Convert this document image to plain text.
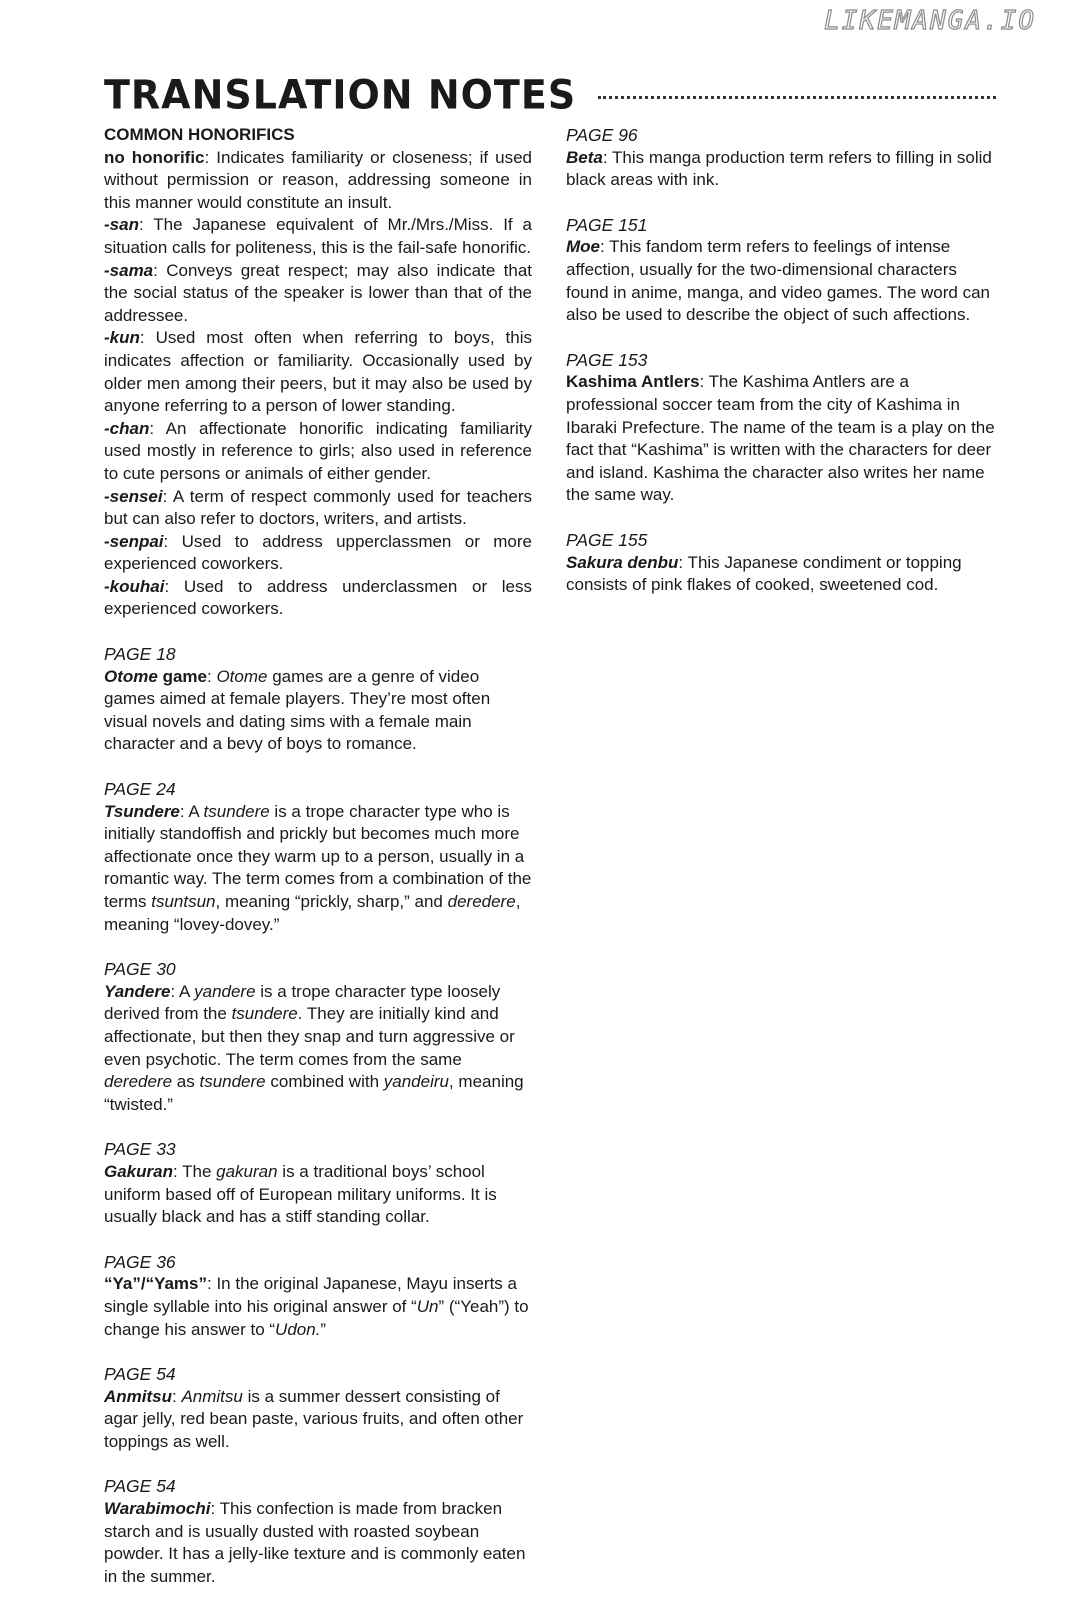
LIKEMANGA.IO
TRANSLATION NOTES

COMMON HONORIFICS

no honorific: Indicates familiarity or closeness; if used without permission or reason, addressing someone in this manner would constitute an insult.

-san: The Japanese equivalent of Mr./Mrs./Miss. If a situation calls for politeness, this is the fail-safe honorific.

-sama: Conveys great respect; may also indicate that the social status of the speaker is lower than that of the addressee.

-kun: Used most often when referring to boys, this indicates affection or familiarity. Occasionally used by older men among their peers, but it may also be used by anyone referring to a person of lower standing.

-chan: An affectionate honorific indicating familiarity used mostly in reference to girls; also used in reference to cute persons or animals of either gender.

-sensei: A term of respect commonly used for teachers but can also refer to doctors, writers, and artists.

-senpai: Used to address upperclassmen or more experienced coworkers.

-kouhai: Used to address underclassmen or less experienced coworkers.

PAGE 18

Otome game: Otome games are a genre of video games aimed at female players. They’re most often visual novels and dating sims with a female main character and a bevy of boys to romance.

PAGE 24

Tsundere: A tsundere is a trope character type who is initially standoffish and prickly but becomes much more affectionate once they warm up to a person, usually in a romantic way. The term comes from a combination of the terms tsuntsun, meaning “prickly, sharp,” and deredere, meaning “lovey-dovey.”

PAGE 30

Yandere: A yandere is a trope character type loosely derived from the tsundere. They are initially kind and affectionate, but then they snap and turn aggressive or even psychotic. The term comes from the same deredere as tsundere combined with yandeiru, meaning “twisted.”

PAGE 33

Gakuran: The gakuran is a traditional boys’ school uniform based off of European military uniforms. It is usually black and has a stiff standing collar.

PAGE 36

“Ya”/“Yams”: In the original Japanese, Mayu inserts a single syllable into his original answer of “Un” (“Yeah”) to change his answer to “Udon.”

PAGE 54

Anmitsu: Anmitsu is a summer dessert consisting of agar jelly, red bean paste, various fruits, and often other toppings as well.

PAGE 54

Warabimochi: This confection is made from bracken starch and is usually dusted with roasted soybean powder. It has a jelly-like texture and is commonly eaten in the summer.

PAGE 96

Beta: This manga production term refers to filling in solid black areas with ink.

PAGE 151

Moe: This fandom term refers to feelings of intense affection, usually for the two-dimensional characters found in anime, manga, and video games. The word can also be used to describe the object of such affections.

PAGE 153

Kashima Antlers: The Kashima Antlers are a professional soccer team from the city of Kashima in Ibaraki Prefecture. The name of the team is a play on the fact that “Kashima” is written with the characters for deer and island. Kashima the character also writes her name the same way.

PAGE 155

Sakura denbu: This Japanese condiment or topping consists of pink flakes of cooked, sweetened cod.
